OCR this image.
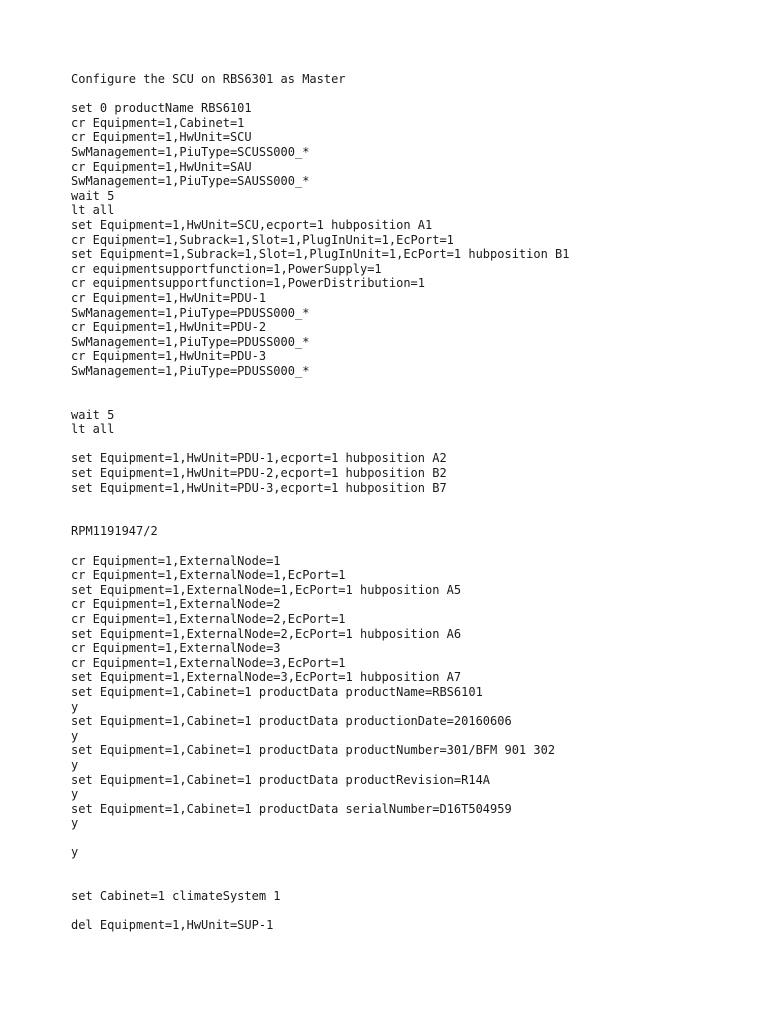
Configure the SCU on RBS6301 as Master
set 0 productName RBS6101
cr Equipment=1,Cabinet=1
cr Equipment=1,HwUnit=SCU
SwManagement=1,PiuType=SCUSS000_*
cr Equipment=1,HwUnit=SAU
SwManagement=1,PiuType=SAUSS000_*
wait 5
lt all
set Equipment=1,HwUnit=SCU,ecport=1 hubposition A1
cr Equipment=1,Subrack=1,Slot=1,PlugInUnit=1,EcPort=1
set Equipment=1,Subrack=1,Slot=1,PlugInUnit=1,EcPort=1 hubposition B1
cr equipmentsupportfunction=1,PowerSupply=1
cr equipmentsupportfunction=1,PowerDistribution=1
cr Equipment=1,HwUnit=PDU-1
SwManagement=1,PiuType=PDUSS000_*
cr Equipment=1,HwUnit=PDU-2
SwManagement=1,PiuType=PDUSS000_*
cr Equipment=1,HwUnit=PDU-3
SwManagement=1,PiuType=PDUSS000_*
wait 5
lt all
set Equipment=1,HwUnit=PDU-1,ecport=1 hubposition A2
set Equipment=1,HwUnit=PDU-2,ecport=1 hubposition B2
set Equipment=1,HwUnit=PDU-3,ecport=1 hubposition B7
RPM1191947/2
cr Equipment=1,ExternalNode=1
cr Equipment=1,ExternalNode=1,EcPort=1
set Equipment=1,ExternalNode=1,EcPort=1 hubposition A5
cr Equipment=1,ExternalNode=2
cr Equipment=1,ExternalNode=2,EcPort=1
set Equipment=1,ExternalNode=2,EcPort=1 hubposition A6
cr Equipment=1,ExternalNode=3
cr Equipment=1,ExternalNode=3,EcPort=1
set Equipment=1,ExternalNode=3,EcPort=1 hubposition A7
set Equipment=1,Cabinet=1 productData productName=RBS6101
y
set Equipment=1,Cabinet=1 productData productionDate=20160606
y
set Equipment=1,Cabinet=1 productData productNumber=301/BFM 901 302
y
set Equipment=1,Cabinet=1 productData productRevision=R14A
y
set Equipment=1,Cabinet=1 productData serialNumber=D16T504959
y
y
set Cabinet=1 climateSystem 1
del Equipment=1,HwUnit=SUP-1
